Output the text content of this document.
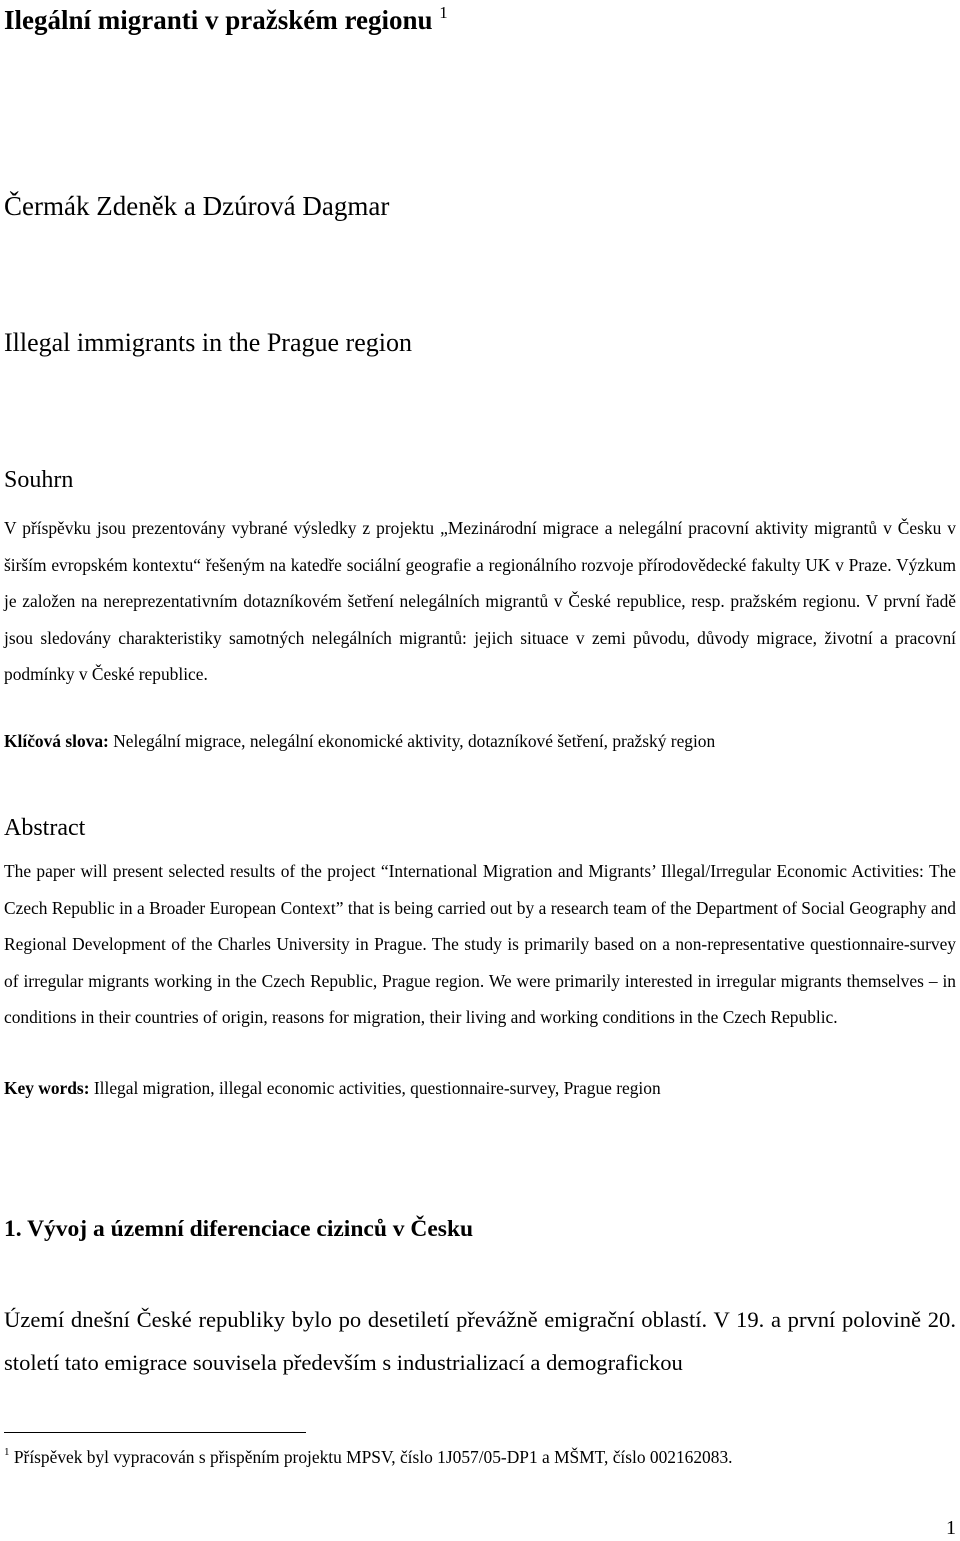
Ilegální migranti v pražském regionu $^1$
Čermák Zdeněk a Dzúrová Dagmar
Illegal immigrants in the Prague region
Souhrn

V příspěvku jsou prezentovány vybrané výsledky z projektu „Mezinárodní migrace a nelegální pracovní aktivity migrantů v Česku v širším evropském kontextu“ řešeným na katedře sociální geografie a regionálního rozvoje přírodovědecké fakulty UK v Praze. Výzkum je založen na nereprezentativním dotazníkovém šetření nelegálních migrantů v České republice, resp. pražském regionu. V první řadě jsou sledovány charakteristiky samotných nelegálních migrantů: jejich situace v zemi původu, důvody migrace, životní a pracovní podmínky v České republice.

Klíčová slova: Nelegální migrace, nelegální ekonomické aktivity, dotazníkové šetření, pražský region
Abstract

The paper will present selected results of the project “International Migration and Migrants’ Illegal/Irregular Economic Activities: The Czech Republic in a Broader European Context” that is being carried out by a research team of the Department of Social Geography and Regional Development of the Charles University in Prague. The study is primarily based on a non-representative questionnaire-survey of irregular migrants working in the Czech Republic, Prague region. We were primarily interested in irregular migrants themselves – in conditions in their countries of origin, reasons for migration, their living and working conditions in the Czech Republic.

Key words: Illegal migration, illegal economic activities, questionnaire-survey, Prague region
1. Vývoj a územní diferenciace cizinců v Česku

Území dnešní České republiky bylo po desetiletí převážně emigrační oblastí. V 19. a první polovině 20. století tato emigrace souvisela především s industrializací a demografickou

$^1$ Příspěvek byl vypracován s přispěním projektu MPSV, číslo 1J057/05-DP1 a MŠMT, číslo 002162083.
1
